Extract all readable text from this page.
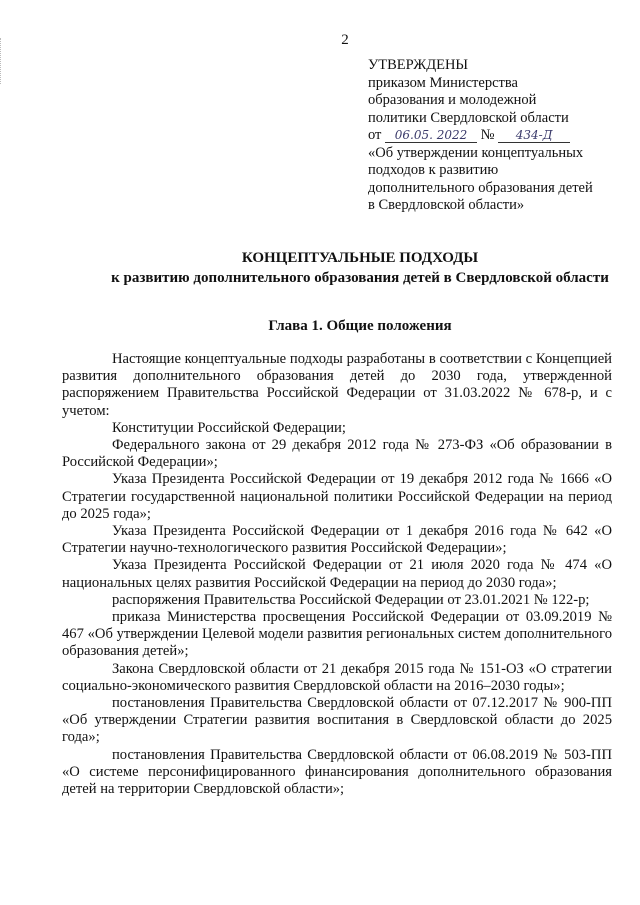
2
УТВЕРЖДЕНЫ
приказом Министерства
образования и молодежной
политики Свердловской области
от 06.05. 2022 № 434-Д
«Об утверждении концептуальных
подходов к развитию
дополнительного образования детей
в Свердловской области»
КОНЦЕПТУАЛЬНЫЕ ПОДХОДЫ
к развитию дополнительного образования детей в Свердловской области
Глава 1. Общие положения

Настоящие концептуальные подходы разработаны в соответствии с Концепцией развития дополнительного образования детей до 2030 года, утвержденной распоряжением Правительства Российской Федерации от 31.03.2022 № 678-р, и с учетом:

Конституции Российской Федерации;

Федерального закона от 29 декабря 2012 года № 273-ФЗ «Об образовании в Российской Федерации»;

Указа Президента Российской Федерации от 19 декабря 2012 года № 1666 «О Стратегии государственной национальной политики Российской Федерации на период до 2025 года»;

Указа Президента Российской Федерации от 1 декабря 2016 года № 642 «О Стратегии научно-технологического развития Российской Федерации»;

Указа Президента Российской Федерации от 21 июля 2020 года № 474 «О национальных целях развития Российской Федерации на период до 2030 года»;

распоряжения Правительства Российской Федерации от 23.01.2021 № 122-р;

приказа Министерства просвещения Российской Федерации от 03.09.2019 № 467 «Об утверждении Целевой модели развития региональных систем дополнительного образования детей»;

Закона Свердловской области от 21 декабря 2015 года № 151-ОЗ «О стратегии социально-экономического развития Свердловской области на 2016–2030 годы»;

постановления Правительства Свердловской области от 07.12.2017 № 900-ПП «Об утверждении Стратегии развития воспитания в Свердловской области до 2025 года»;

постановления Правительства Свердловской области от 06.08.2019 № 503-ПП «О системе персонифицированного финансирования дополнительного образования детей на территории Свердловской области»;
